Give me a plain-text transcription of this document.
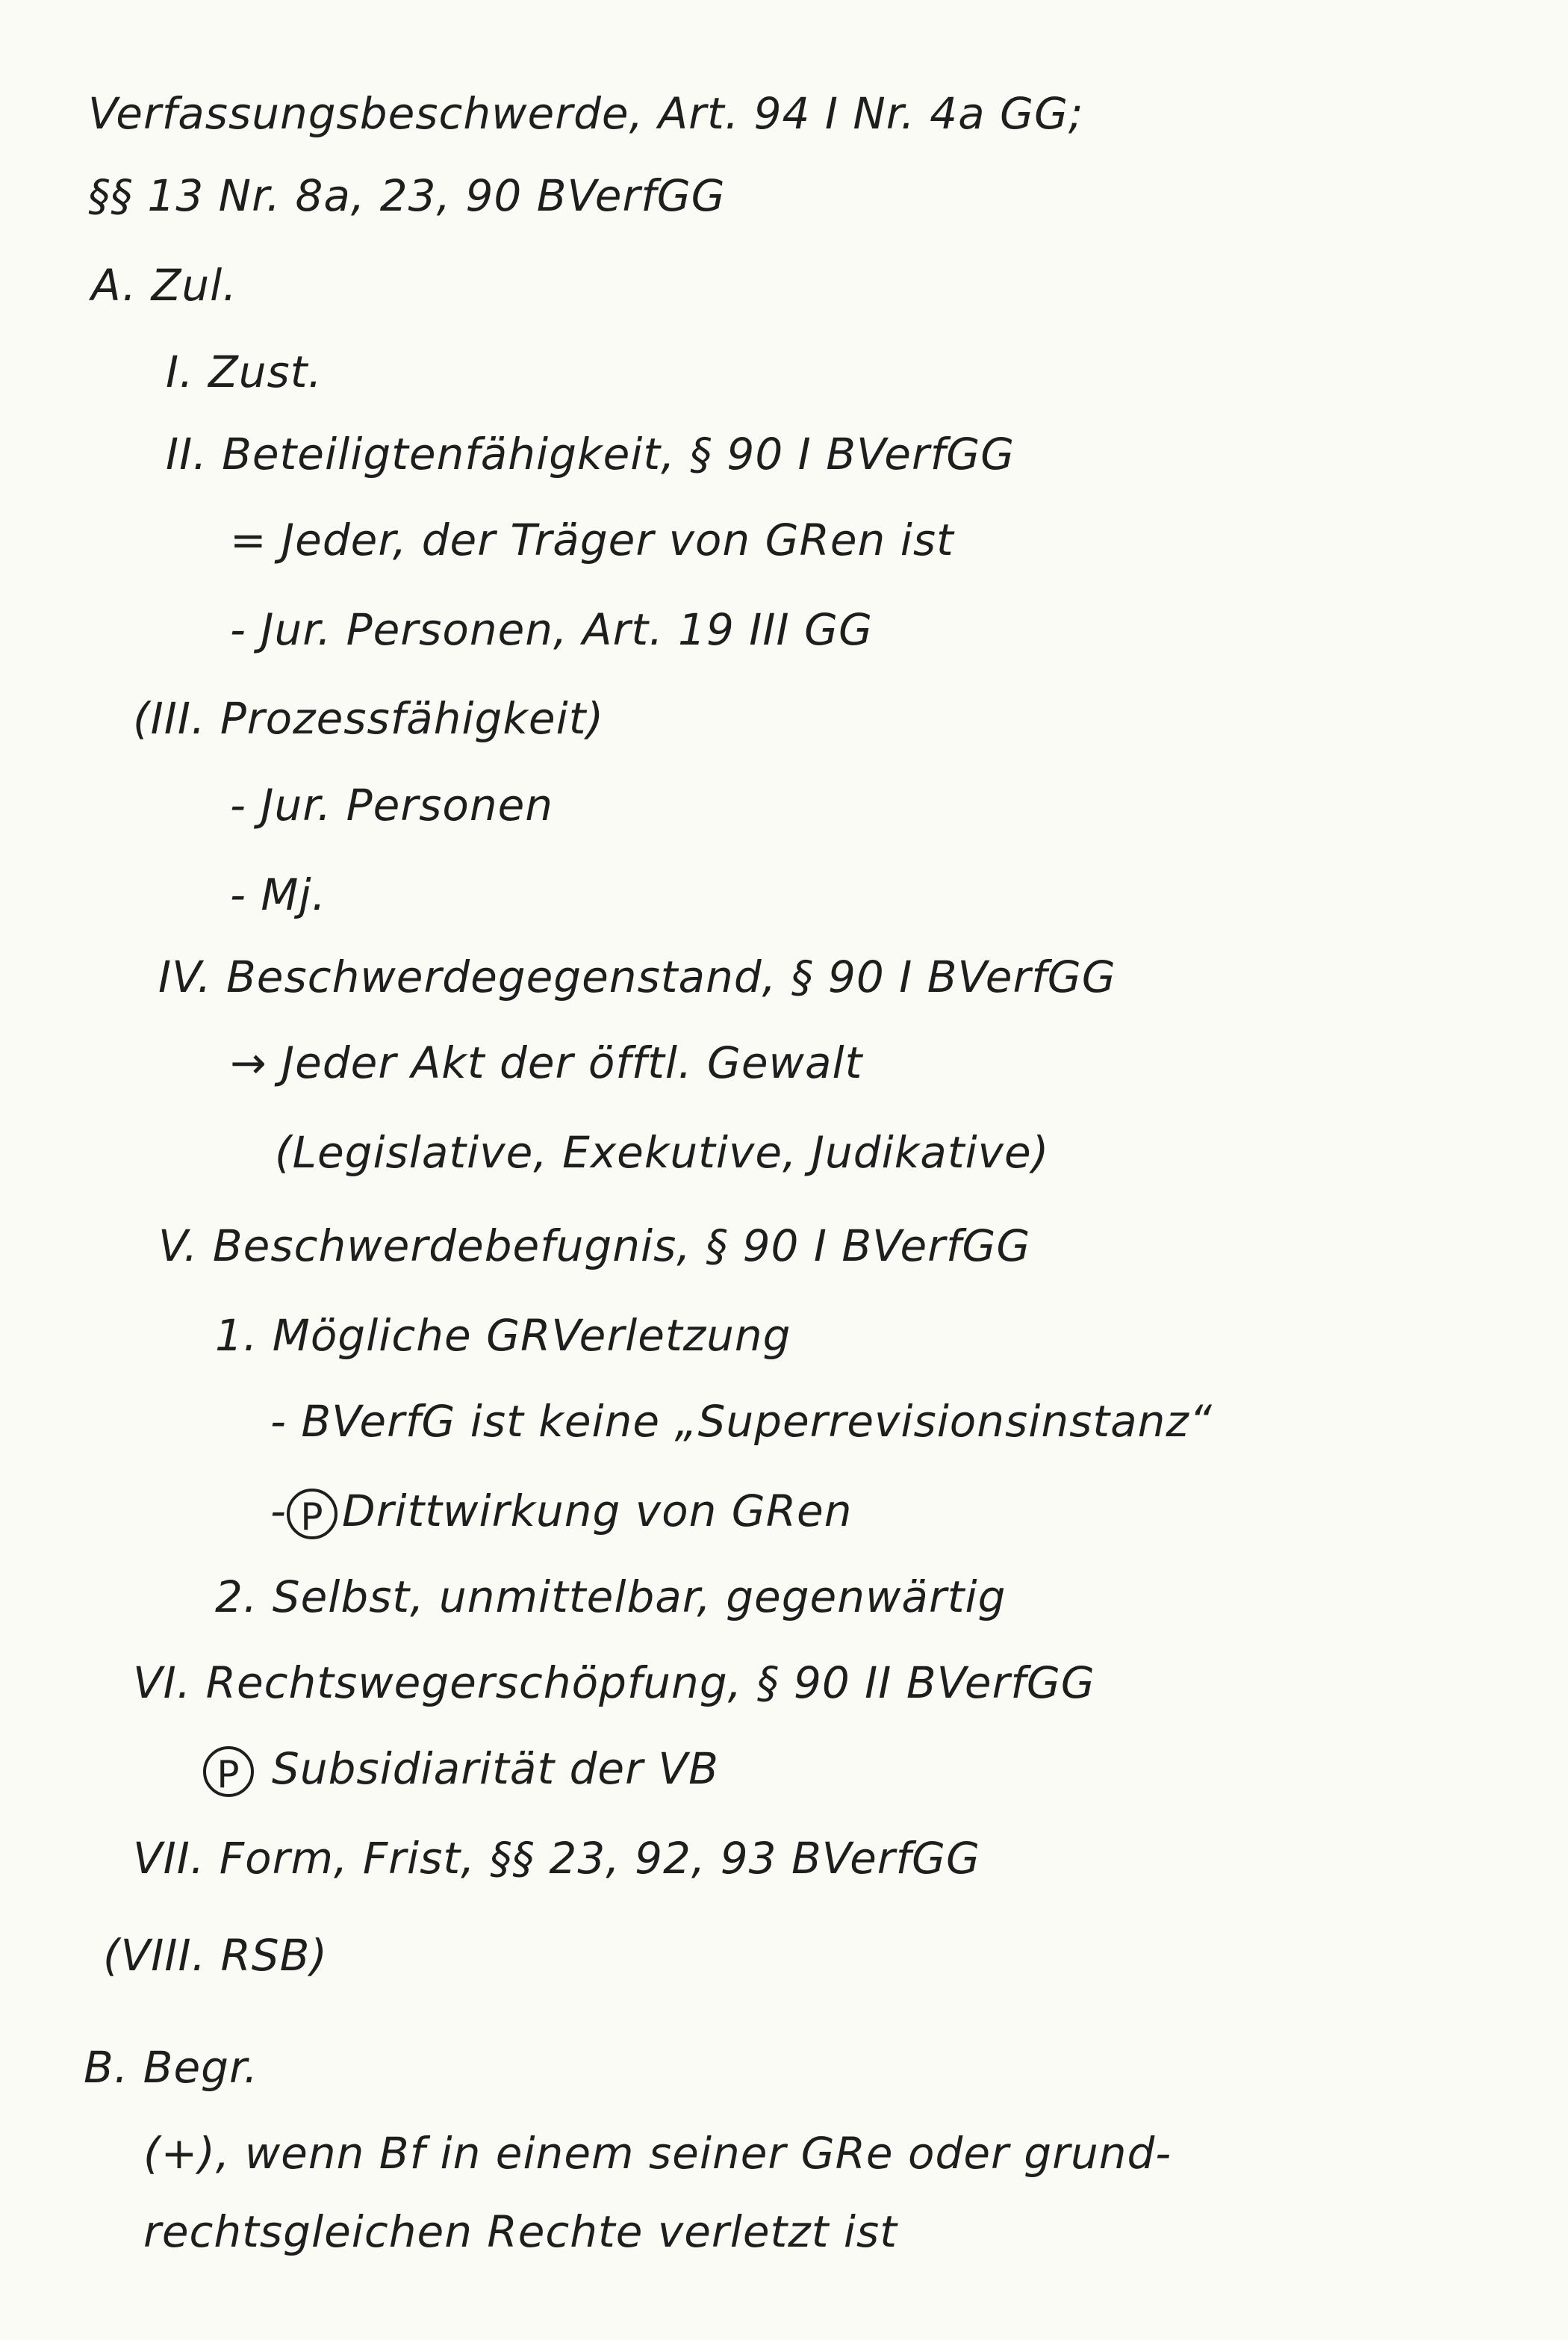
Verfassungsbeschwerde, Art. 94 I Nr. 4a GG;
§§ 13 Nr. 8a, 23, 90 BVerfGG
A. Zul.
I. Zust.
II. Beteiligtenfähigkeit, § 90 I BVerfGG
= Jeder, der Träger von GRen ist
- Jur. Personen, Art. 19 III GG
(III. Prozessfähigkeit)
- Jur. Personen
- Mj.
IV. Beschwerdegegenstand, § 90 I BVerfGG
→ Jeder Akt der öfftl. Gewalt
(Legislative, Exekutive, Judikative)
V. Beschwerdebefugnis, § 90 I BVerfGG
1. Mögliche GRVerletzung
- BVerfG ist keine „Superrevisionsinstanz“
- P Drittwirkung von GRen
2. Selbst, unmittelbar, gegenwärtig
VI. Rechtswegerschöpfung, § 90 II BVerfGG
P Subsidiarität der VB
VII. Form, Frist, §§ 23, 92, 93 BVerfGG
(VIII. RSB)
B. Begr.
(+), wenn Bf in einem seiner GRe oder grund-
rechtsgleichen Rechte verletzt ist
